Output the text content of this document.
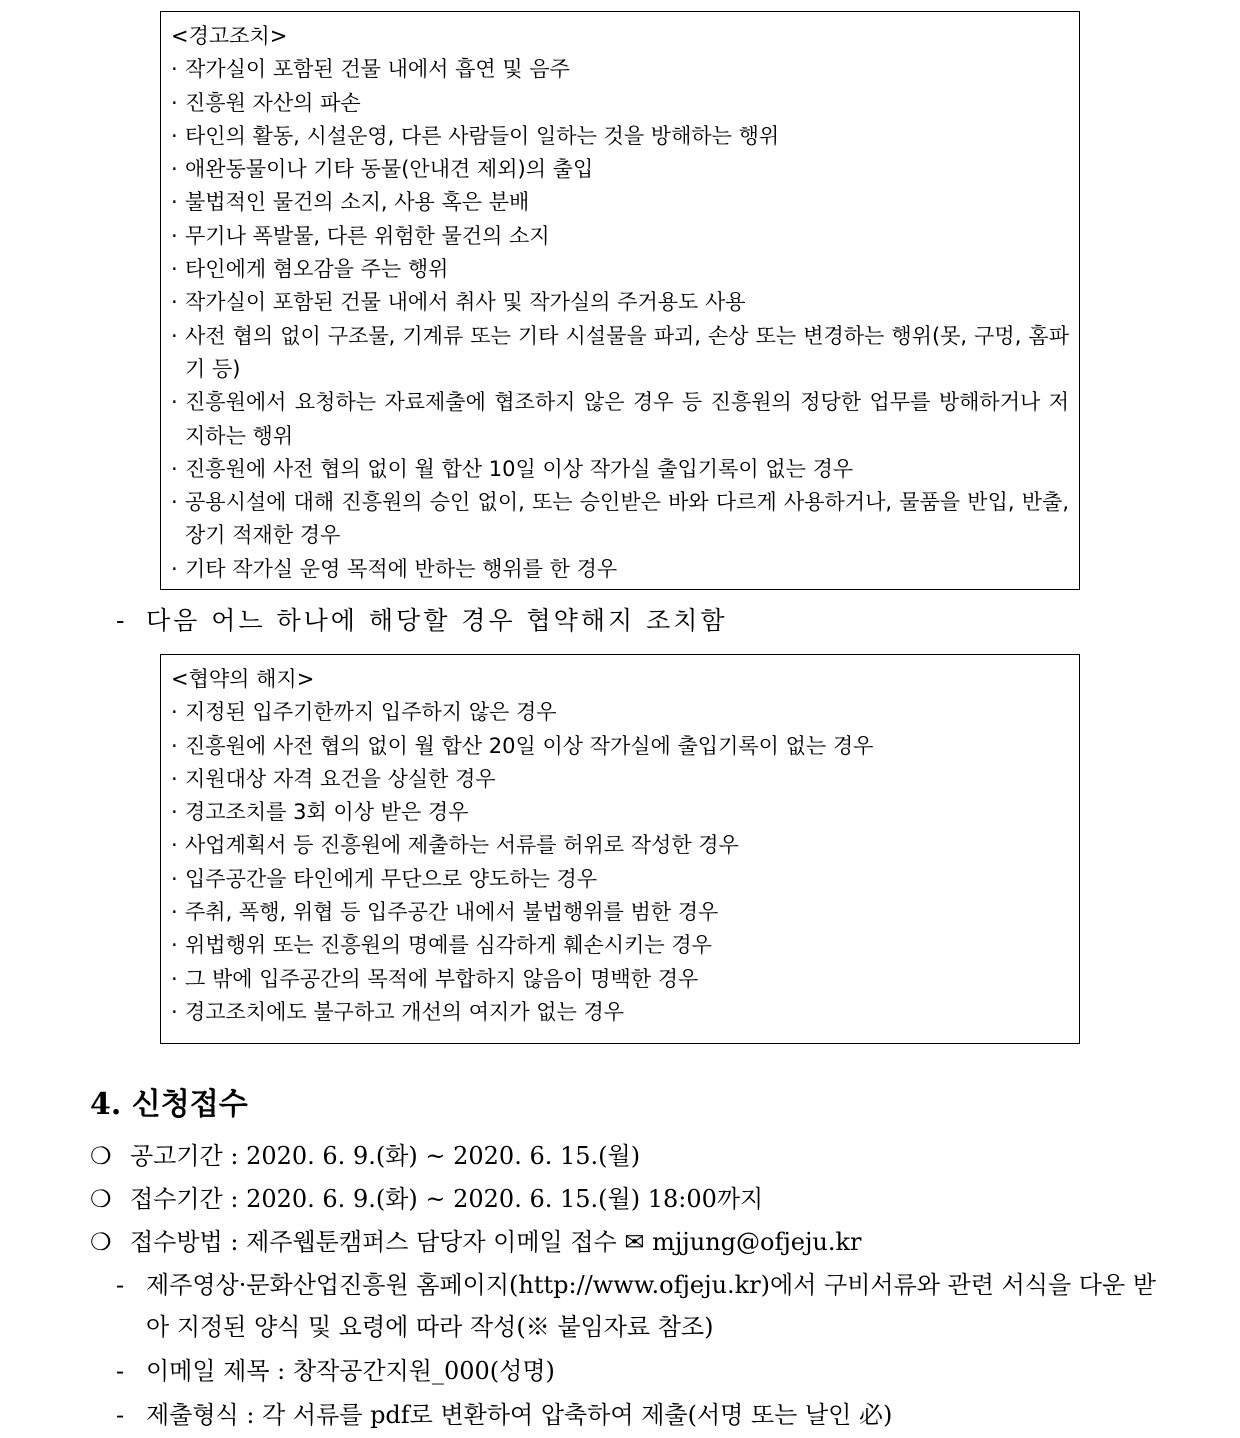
<경고조치>
· 작가실이 포함된 건물 내에서 흡연 및 음주
· 진흥원 자산의 파손
· 타인의 활동, 시설운영, 다른 사람들이 일하는 것을 방해하는 행위
· 애완동물이나 기타 동물(안내견 제외)의 출입
· 불법적인 물건의 소지, 사용 혹은 분배
· 무기나 폭발물, 다른 위험한 물건의 소지
· 타인에게 혐오감을 주는 행위
· 작가실이 포함된 건물 내에서 취사 및 작가실의 주거용도 사용
· 사전 협의 없이 구조물, 기계류 또는 기타 시설물을 파괴, 손상 또는 변경하는 행위(못, 구멍, 홈파기 등)
· 진흥원에서 요청하는 자료제출에 협조하지 않은 경우 등 진흥원의 정당한 업무를 방해하거나 저지하는 행위
· 진흥원에 사전 협의 없이 월 합산 10일 이상 작가실 출입기록이 없는 경우
· 공용시설에 대해 진흥원의 승인 없이, 또는 승인받은 바와 다르게 사용하거나, 물품을 반입, 반출, 장기 적재한 경우
· 기타 작가실 운영 목적에 반하는 행위를 한 경우
- 다음 어느 하나에 해당할 경우 협약해지 조치함
<협약의 해지>
· 지정된 입주기한까지 입주하지 않은 경우
· 진흥원에 사전 협의 없이 월 합산 20일 이상 작가실에 출입기록이 없는 경우
· 지원대상 자격 요건을 상실한 경우
· 경고조치를 3회 이상 받은 경우
· 사업계획서 등 진흥원에 제출하는 서류를 허위로 작성한 경우
· 입주공간을 타인에게 무단으로 양도하는 경우
· 주취, 폭행, 위협 등 입주공간 내에서 불법행위를 범한 경우
· 위법행위 또는 진흥원의 명예를 심각하게 훼손시키는 경우
· 그 밖에 입주공간의 목적에 부합하지 않음이 명백한 경우
· 경고조치에도 불구하고 개선의 여지가 없는 경우
4. 신청접수
❍ 공고기간 : 2020. 6. 9.(화) ~ 2020. 6. 15.(월)
❍ 접수기간 : 2020. 6. 9.(화) ~ 2020. 6. 15.(월) 18:00까지
❍ 접수방법 : 제주웹툰캠퍼스 담당자 이메일 접수 ✉ mjjung@ofjeju.kr
- 제주영상·문화산업진흥원 홈페이지(http://www.ofjeju.kr)에서 구비서류와 관련 서식을 다운 받아 지정된 양식 및 요령에 따라 작성(※ 붙임자료 참조)
- 이메일 제목 : 창작공간지원_000(성명)
- 제출형식 : 각 서류를 pdf로 변환하여 압축하여 제출(서명 또는 날인 必)
